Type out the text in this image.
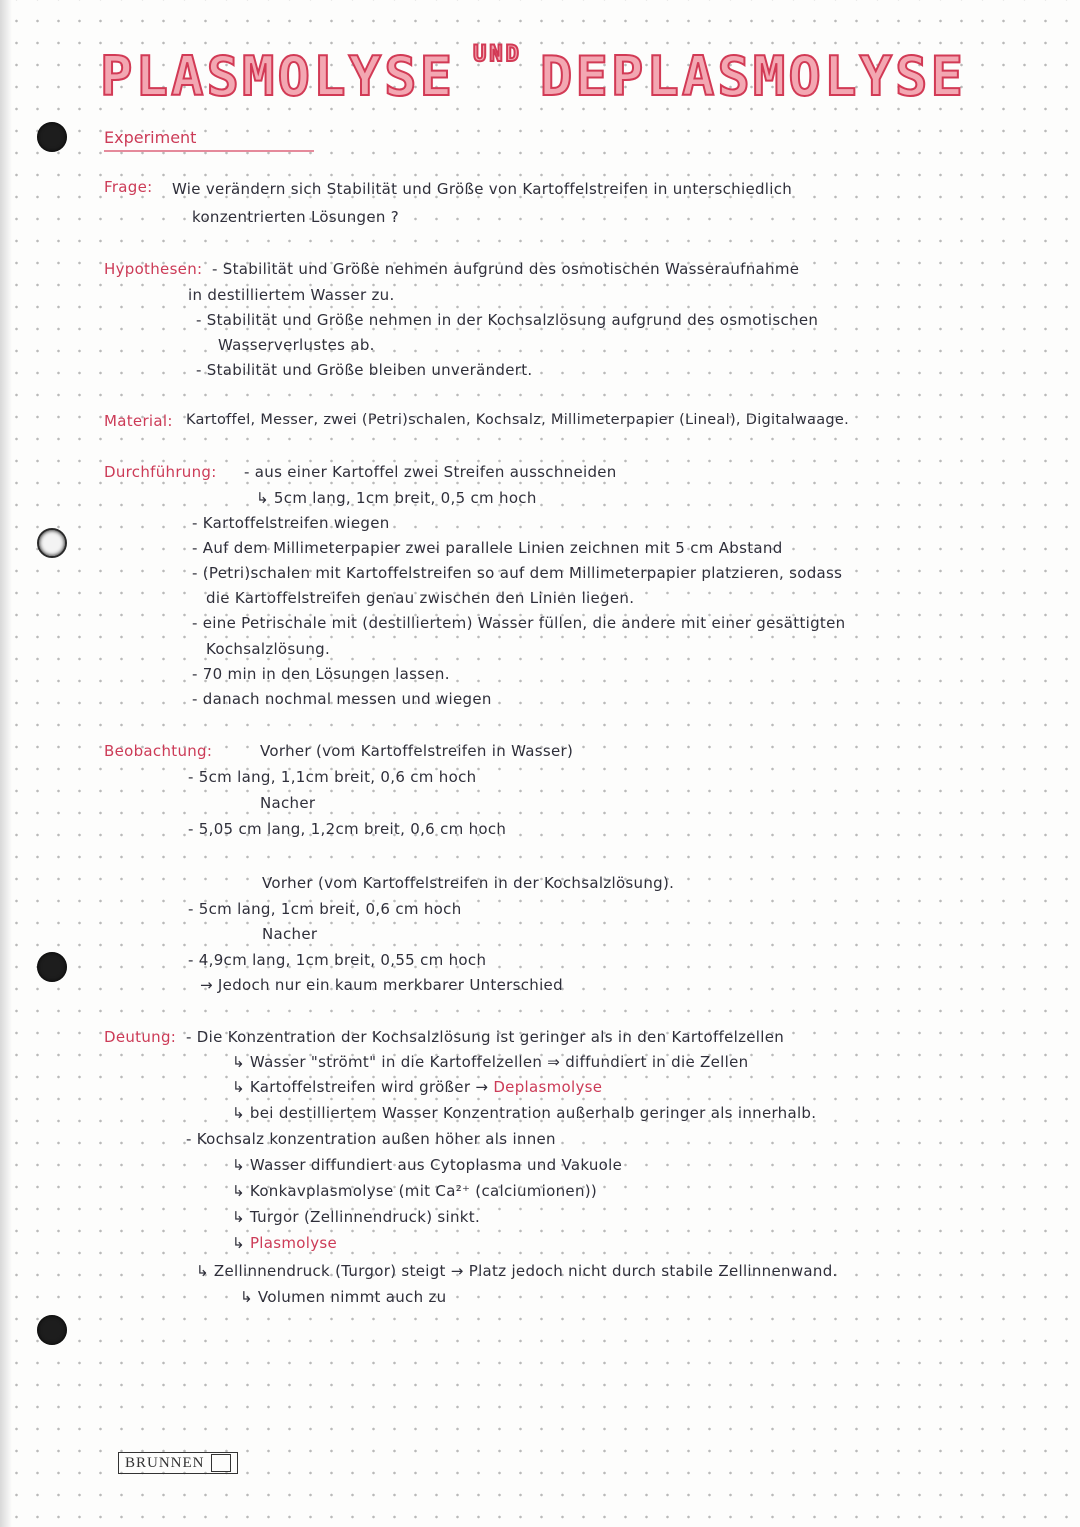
PLASMOLYSE UND DEPLASMOLYSE
Experiment
Frage: Wie verändern sich Stabilität und Größe von Kartoffelstreifen in unterschiedlich
konzentrierten Lösungen ?
Hypothesen: - Stabilität und Größe nehmen aufgrund des osmotischen Wasseraufnahme
in destilliertem Wasser zu.
- Stabilität und Größe nehmen in der Kochsalzlösung aufgrund des osmotischen
Wasserverlustes ab.
- Stabilität und Größe bleiben unverändert.
Material: Kartoffel, Messer, zwei (Petri)schalen, Kochsalz, Millimeterpapier (Lineal), Digitalwaage.
Durchführung: - aus einer Kartoffel zwei Streifen ausschneiden
↳ 5cm lang, 1cm breit, 0,5 cm hoch
- Kartoffelstreifen wiegen
- Auf dem Millimeterpapier zwei parallele Linien zeichnen mit 5 cm Abstand
- (Petri)schalen mit Kartoffelstreifen so auf dem Millimeterpapier platzieren, sodass
die Kartoffelstreifen genau zwischen den Linien liegen.
- eine Petrischale mit (destilliertem) Wasser füllen, die andere mit einer gesättigten
Kochsalzlösung.
- 70 min in den Lösungen lassen.
- danach nochmal messen und wiegen
Beobachtung:	Vorher (vom Kartoffelstreifen in Wasser)
- 5cm lang, 1,1cm breit, 0,6 cm hoch
Nacher
- 5,05 cm lang, 1,2cm breit, 0,6 cm hoch
Vorher (vom Kartoffelstreifen in der Kochsalzlösung).
- 5cm lang, 1cm breit, 0,6 cm hoch
Nacher
- 4,9cm lang, 1cm breit, 0,55 cm hoch
→ Jedoch nur ein kaum merkbarer Unterschied
Deutung: - Die Konzentration der Kochsalzlösung ist geringer als in den Kartoffelzellen
↳ Wasser "strömt" in die Kartoffelzellen ⇒ diffundiert in die Zellen
↳ Kartoffelstreifen wird größer → Deplasmolyse
↳ bei destilliertem Wasser Konzentration außerhalb geringer als innerhalb.
- Kochsalz konzentration außen höher als innen
↳ Wasser diffundiert aus Cytoplasma und Vakuole
↳ Konkavplasmolyse (mit Ca²⁺ (calciumionen))
↳ Turgor (Zellinnendruck) sinkt.
↳ Plasmolyse
↳ Zellinnendruck (Turgor) steigt → Platz jedoch nicht durch stabile Zellinnenwand.
↳ Volumen nimmt auch zu
BRUNNEN
